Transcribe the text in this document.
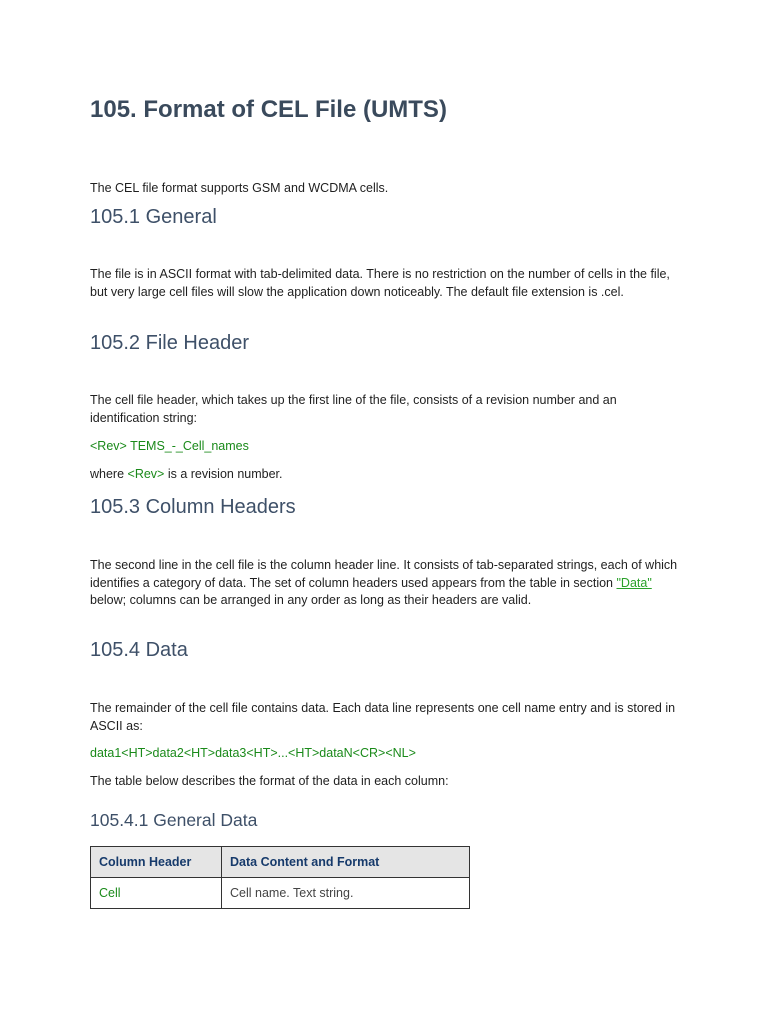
105. Format of CEL File (UMTS)

The CEL file format supports GSM and WCDMA cells.

105.1 General

The file is in ASCII format with tab-delimited data. There is no restriction on the number of cells in the file, but very large cell files will slow the application down noticeably. The default file extension is .cel.

105.2 File Header

The cell file header, which takes up the first line of the file, consists of a revision number and an identification string:

<Rev> TEMS_-_Cell_names

where <Rev> is a revision number.

105.3 Column Headers

The second line in the cell file is the column header line. It consists of tab-separated strings, each of which identifies a category of data. The set of column headers used appears from the table in section "Data" below; columns can be arranged in any order as long as their headers are valid.

105.4 Data

The remainder of the cell file contains data. Each data line represents one cell name entry and is stored in ASCII as:

data1<HT>data2<HT>data3<HT>...<HT>dataN<CR><NL>

The table below describes the format of the data in each column:

105.4.1 General Data
Column Header	Data Content and Format
Cell	Cell name. Text string.
